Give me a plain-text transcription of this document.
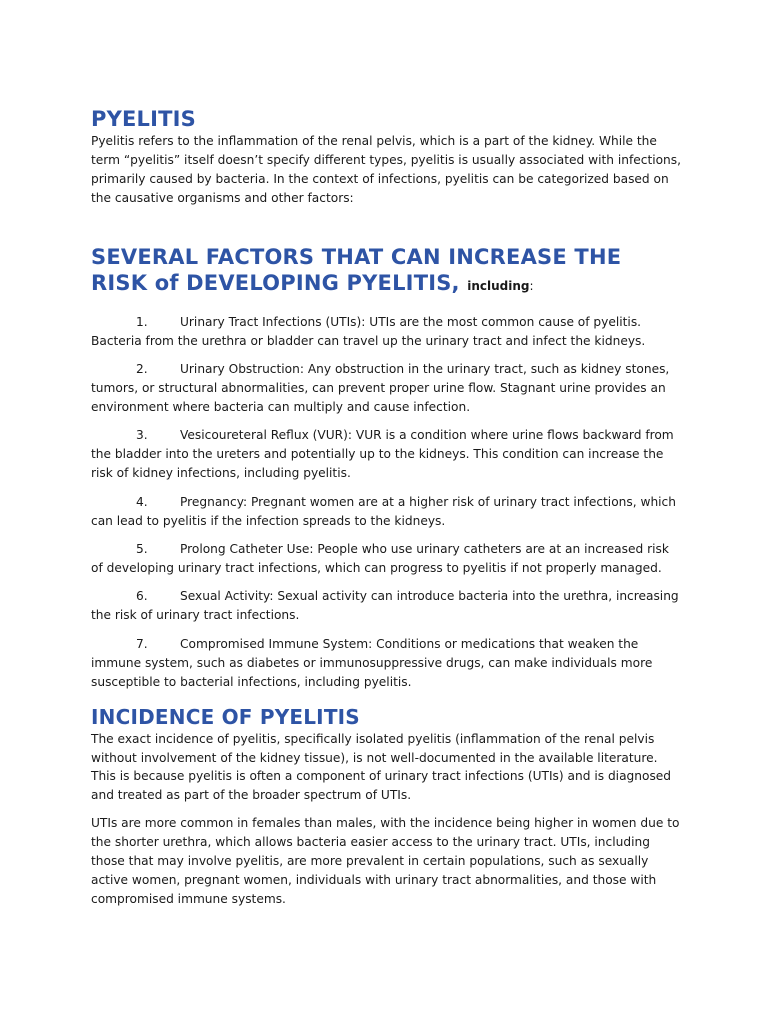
PYELITIS

Pyelitis refers to the inflammation of the renal pelvis, which is a part of the kidney. While the term “pyelitis” itself doesn’t specify different types, pyelitis is usually associated with infections, primarily caused by bacteria. In the context of infections, pyelitis can be categorized based on the causative organisms and other factors:

SEVERAL FACTORS THAT CAN INCREASE THE RISK of DEVELOPING PYELITIS, including:

1.	Urinary Tract Infections (UTIs): UTIs are the most common cause of pyelitis. Bacteria from the urethra or bladder can travel up the urinary tract and infect the kidneys.

2.	Urinary Obstruction: Any obstruction in the urinary tract, such as kidney stones, tumors, or structural abnormalities, can prevent proper urine flow. Stagnant urine provides an environment where bacteria can multiply and cause infection.

3.	Vesicoureteral Reflux (VUR): VUR is a condition where urine flows backward from the bladder into the ureters and potentially up to the kidneys. This condition can increase the risk of kidney infections, including pyelitis.

4.	Pregnancy: Pregnant women are at a higher risk of urinary tract infections, which can lead to pyelitis if the infection spreads to the kidneys.

5.	Prolong Catheter Use: People who use urinary catheters are at an increased risk of developing urinary tract infections, which can progress to pyelitis if not properly managed.

6.	Sexual Activity: Sexual activity can introduce bacteria into the urethra, increasing the risk of urinary tract infections.

7.	Compromised Immune System: Conditions or medications that weaken the immune system, such as diabetes or immunosuppressive drugs, can make individuals more susceptible to bacterial infections, including pyelitis.

INCIDENCE OF PYELITIS

The exact incidence of pyelitis, specifically isolated pyelitis (inflammation of the renal pelvis without involvement of the kidney tissue), is not well-documented in the available literature. This is because pyelitis is often a component of urinary tract infections (UTIs) and is diagnosed and treated as part of the broader spectrum of UTIs.

UTIs are more common in females than males, with the incidence being higher in women due to the shorter urethra, which allows bacteria easier access to the urinary tract. UTIs, including those that may involve pyelitis, are more prevalent in certain populations, such as sexually active women, pregnant women, individuals with urinary tract abnormalities, and those with compromised immune systems.
